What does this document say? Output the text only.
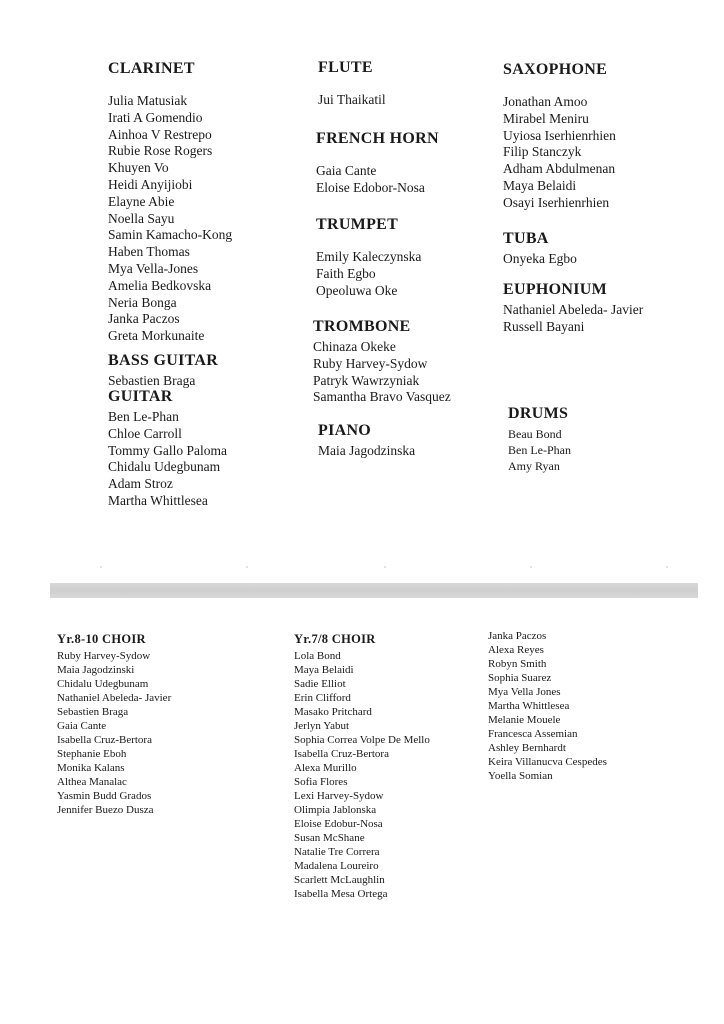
CLARINET
Julia Matusiak
Irati A Gomendio
Ainhoa V Restrepo
Rubie Rose Rogers
Khuyen Vo
Heidi Anyijiobi
Elayne Abie
Noella Sayu
Samin Kamacho-Kong
Haben Thomas
Mya Vella-Jones
Amelia Bedkovska
Neria Bonga
Janka Paczos
Greta Morkunaite
BASS GUITAR
Sebastien Braga
GUITAR
Ben Le-Phan
Chloe Carroll
Tommy Gallo Paloma
Chidalu Udegbunam
Adam Stroz
Martha Whittlesea
FLUTE
Jui Thaikatil
FRENCH HORN
Gaia Cante
Eloise Edobor-Nosa
TRUMPET
Emily Kaleczynska
Faith Egbo
Opeoluwa Oke
TROMBONE
Chinaza Okeke
Ruby Harvey-Sydow
Patryk Wawrzyniak
Samantha Bravo Vasquez
PIANO
Maia Jagodzinska
SAXOPHONE
Jonathan Amoo
Mirabel Meniru
Uyiosa Iserhienrhien
Filip Stanczyk
Adham Abdulmenan
Maya Belaidi
Osayi Iserhienrhien
TUBA
Onyeka Egbo
EUPHONIUM
Nathaniel Abeleda- Javier
Russell Bayani
DRUMS
Beau Bond
Ben Le-Phan
Amy Ryan
Yr.8-10 CHOIR
Ruby Harvey-Sydow
Maia Jagodzinski
Chidalu Udegbunam
Nathaniel Abeleda- Javier
Sebastien Braga
Gaia Cante
Isabella Cruz-Bertora
Stephanie Eboh
Monika Kalans
Althea Manalac
Yasmin Budd Grados
Jennifer Buezo Dusza
Yr.7/8 CHOIR
Lola Bond
Maya Belaidi
Sadie Elliot
Erin Clifford
Masako Pritchard
Jerlyn Yabut
Sophia Correa Volpe De Mello
Isabella Cruz-Bertora
Alexa Murillo
Sofia Flores
Lexi Harvey-Sydow
Olimpia Jablonska
Eloise Edobur-Nosa
Susan McShane
Natalie Tre Correra
Madalena Loureiro
Scarlett McLaughlin
Isabella Mesa Ortega
Janka Paczos
Alexa Reyes
Robyn Smith
Sophia Suarez
Mya Vella Jones
Martha Whittlesea
Melanie Mouele
Francesca Assemian
Ashley Bernhardt
Keira Villanucva Cespedes
Yoella Somian
